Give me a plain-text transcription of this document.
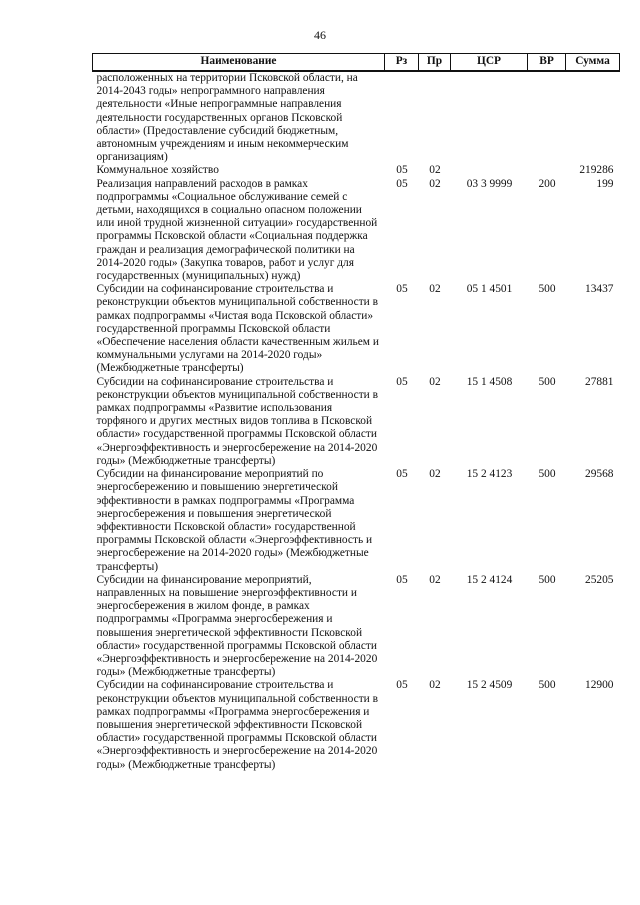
46
Наименование	Рз	Пр	ЦСР	ВР	Сумма
расположенных на территории Псковской области, на 2014-2043 годы» непрограммного направления деятельности «Иные непрограммные направления деятельности государственных органов Псковской области» (Предоставление субсидий бюджетным, автономным учреждениям и иным некоммерческим организациям)					
Коммунальное хозяйство	05	02			219286
Реализация направлений расходов в рамках подпрограммы «Социальное обслуживание семей с детьми, находящихся в социально опасном положении или иной трудной жизненной ситуации» государственной программы Псковской области «Социальная поддержка граждан и реализация демографической политики на 2014-2020 годы» (Закупка товаров, работ и услуг для государственных (муниципальных) нужд)	05	02	03 3 9999	200	199
Субсидии на софинансирование строительства и реконструкции объектов муниципальной собственности в рамках подпрограммы «Чистая вода Псковской области» государственной программы Псковской области «Обеспечение населения области качественным жильем и коммунальными услугами на 2014-2020 годы» (Межбюджетные трансферты)	05	02	05 1 4501	500	13437
Субсидии на софинансирование строительства и реконструкции объектов муниципальной собственности в рамках подпрограммы «Развитие использования торфяного и других местных видов топлива в Псковской области» государственной программы Псковской области «Энергоэффективность и энергосбережение на 2014-2020 годы» (Межбюджетные трансферты)	05	02	15 1 4508	500	27881
Субсидии на финансирование мероприятий по энергосбережению и повышению энергетической эффективности в рамках подпрограммы «Программа энергосбережения и повышения энергетической эффективности Псковской области» государственной программы Псковской области «Энергоэффективность и энергосбережение на 2014-2020 годы» (Межбюджетные трансферты)	05	02	15 2 4123	500	29568
Субсидии на финансирование мероприятий, направленных на повышение энергоэффективности и энергосбережения в жилом фонде, в рамках подпрограммы «Программа энергосбережения и повышения энергетической эффективности Псковской области» государственной программы Псковской области «Энергоэффективность и энергосбережение на 2014-2020 годы» (Межбюджетные трансферты)	05	02	15 2 4124	500	25205
Субсидии на софинансирование строительства и реконструкции объектов муниципальной собственности в рамках подпрограммы «Программа энергосбережения и повышения энергетической эффективности Псковской области» государственной программы Псковской области «Энергоэффективность и энергосбережение на 2014-2020 годы» (Межбюджетные трансферты)	05	02	15 2 4509	500	12900
